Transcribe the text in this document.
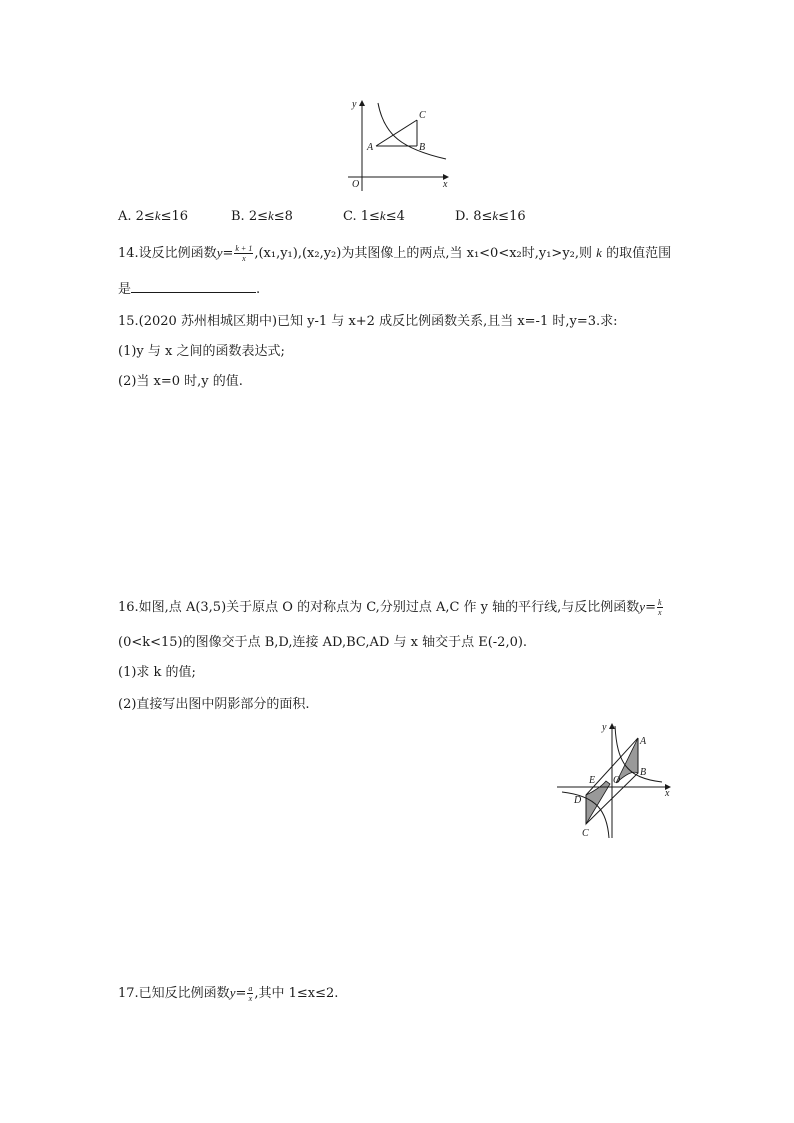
y
x
O
A	B
C
A. 2≤k≤16	B. 2≤k≤8	C. 1≤k≤4	D. 8≤k≤16
14.设反比例函数$y= \frac{k + 1}{x} ,(x_1,y_1),(x_2,y_2)$为其图像上的两点,当 x₁<0<x₂时,y₁>y₂,则 k 的取值范围
是	.
15.(2020 苏州相城区期中)已知 y-1 与 x+2 成反比例函数关系,且当 x=-1 时,y=3.求:
(1)y 与 x 之间的函数表达式;
(2)当 x=0 时,y 的值.
16.如图,点 A(3,5)关于原点 O 的对称点为 C,分别过点 A,C 作 y 轴的平行线,与反比例函数$y= \frac{k}{x}$
(0<k<15)的图像交于点 B,D,连接 AD,BC,AD 与 x 轴交于点 E(-2,0).
(1)求 k 的值;
(2)直接写出图中阴影部分的面积.
y
x
O
A
B
C
D
E
17.已知反比例函数$y= \frac{a}{x}$ ,其中 1≤x≤2.
